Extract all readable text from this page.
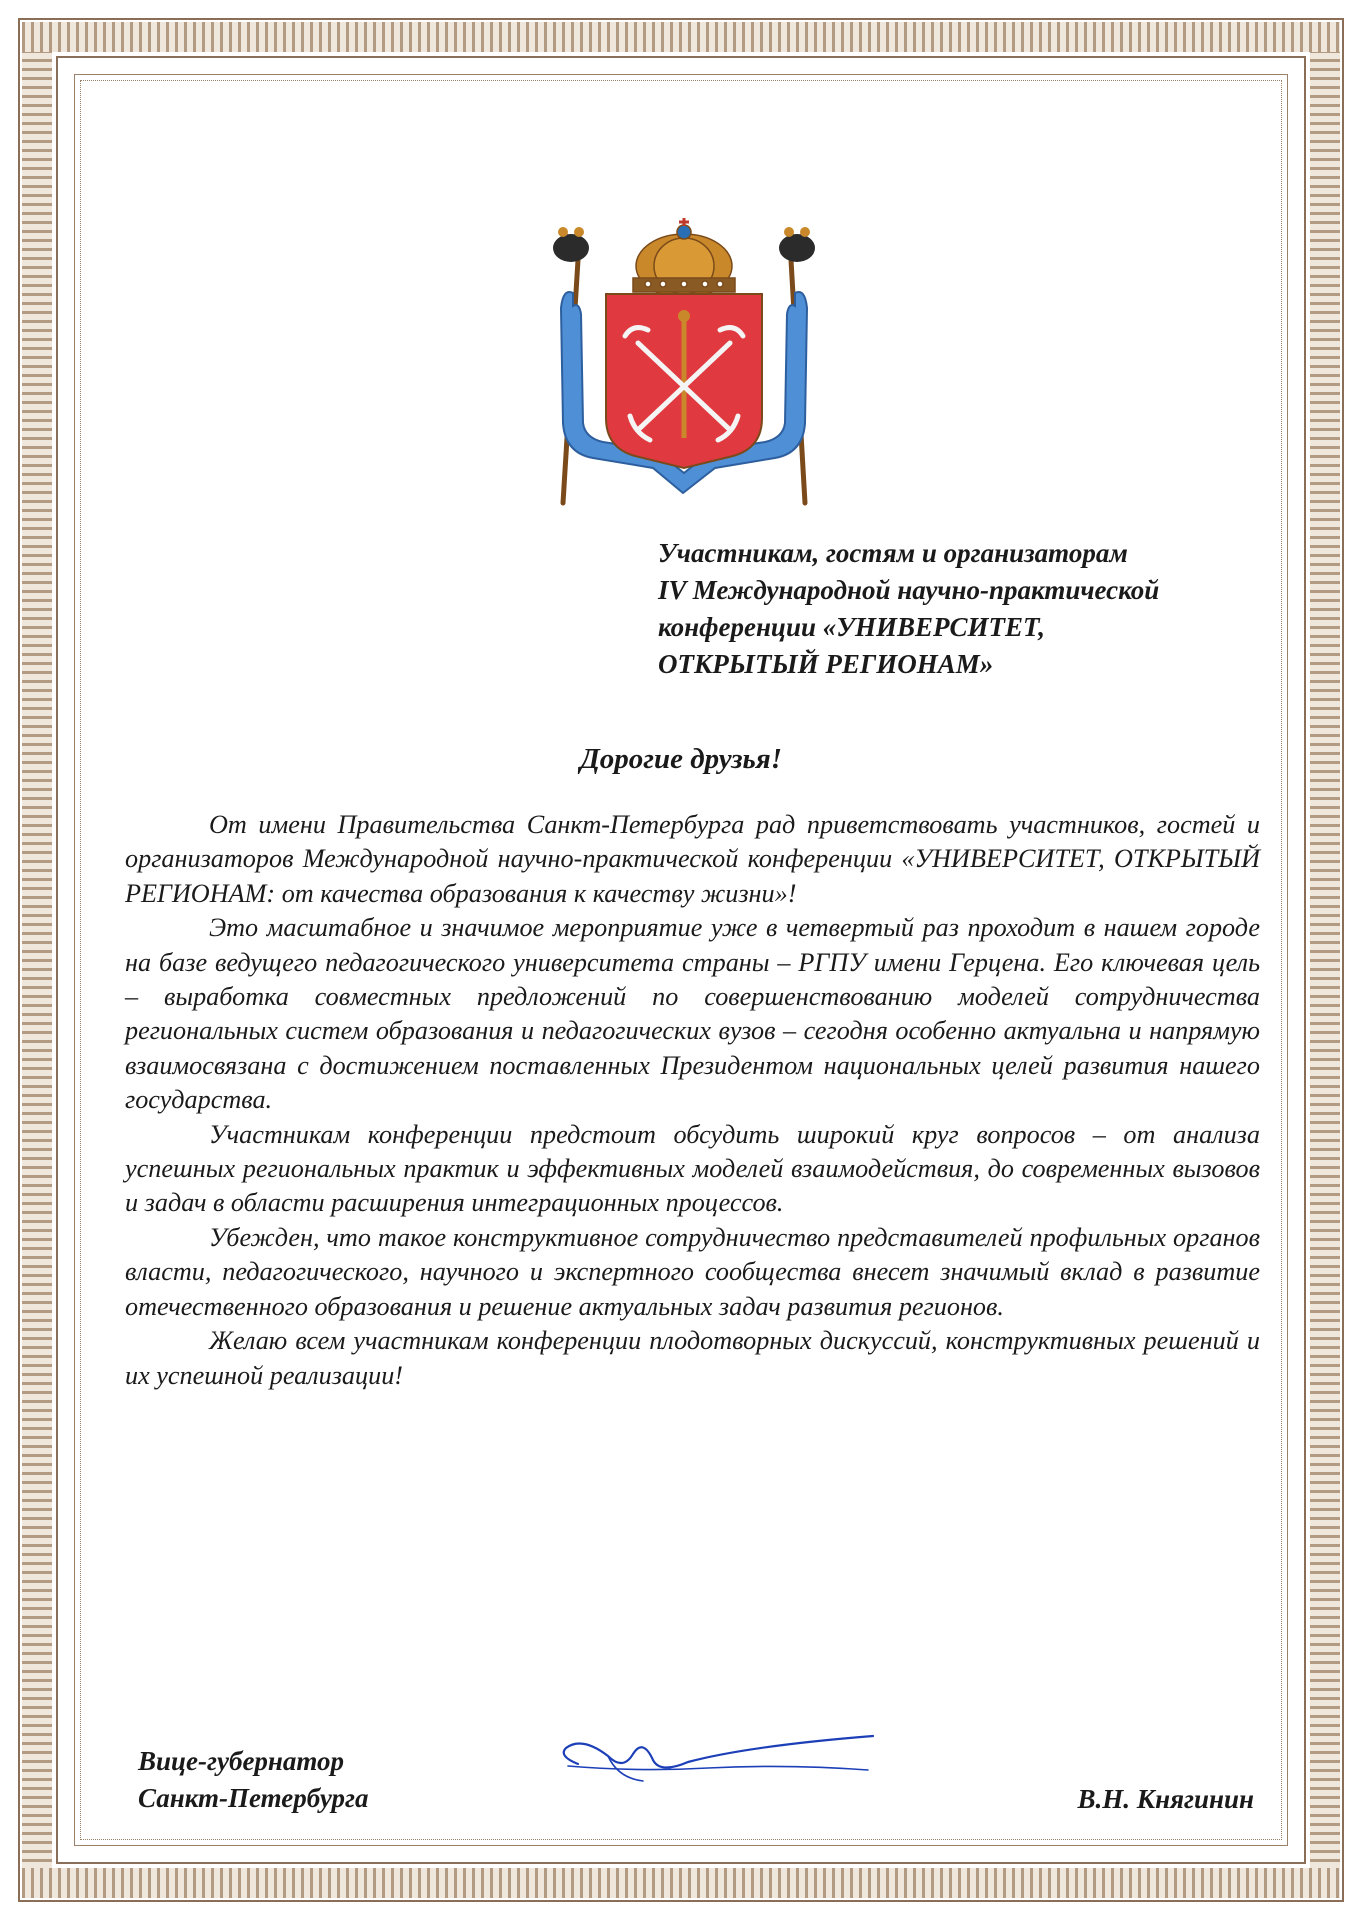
Участникам, гостям и организаторам
IV Международной научно-практической
конференции «УНИВЕРСИТЕТ,
ОТКРЫТЫЙ РЕГИОНАМ»
Дорогие друзья!

От имени Правительства Санкт-Петербурга рад приветствовать участников, гостей и организаторов Международной научно-практической конференции «УНИВЕРСИТЕТ, ОТКРЫТЫЙ РЕГИОНАМ: от качества образования к качеству жизни»!

Это масштабное и значимое мероприятие уже в четвертый раз проходит в нашем городе на базе ведущего педагогического университета страны – РГПУ имени Герцена. Его ключевая цель – выработка совместных предложений по совершенствованию моделей сотрудничества региональных систем образования и педагогических вузов – сегодня особенно актуальна и напрямую взаимосвязана с достижением поставленных Президентом национальных целей развития нашего государства.

Участникам конференции предстоит обсудить широкий круг вопросов – от анализа успешных региональных практик и эффективных моделей взаимодействия, до современных вызовов и задач в области расширения интеграционных процессов.

Убежден, что такое конструктивное сотрудничество представителей профильных органов власти, педагогического, научного и экспертного сообщества внесет значимый вклад в развитие отечественного образования и решение актуальных задач развития регионов.

Желаю всем участникам конференции плодотворных дискуссий, конструктивных решений и их успешной реализации!

Вице-губернатор
Санкт-Петербурга	В.Н. Княгинин
